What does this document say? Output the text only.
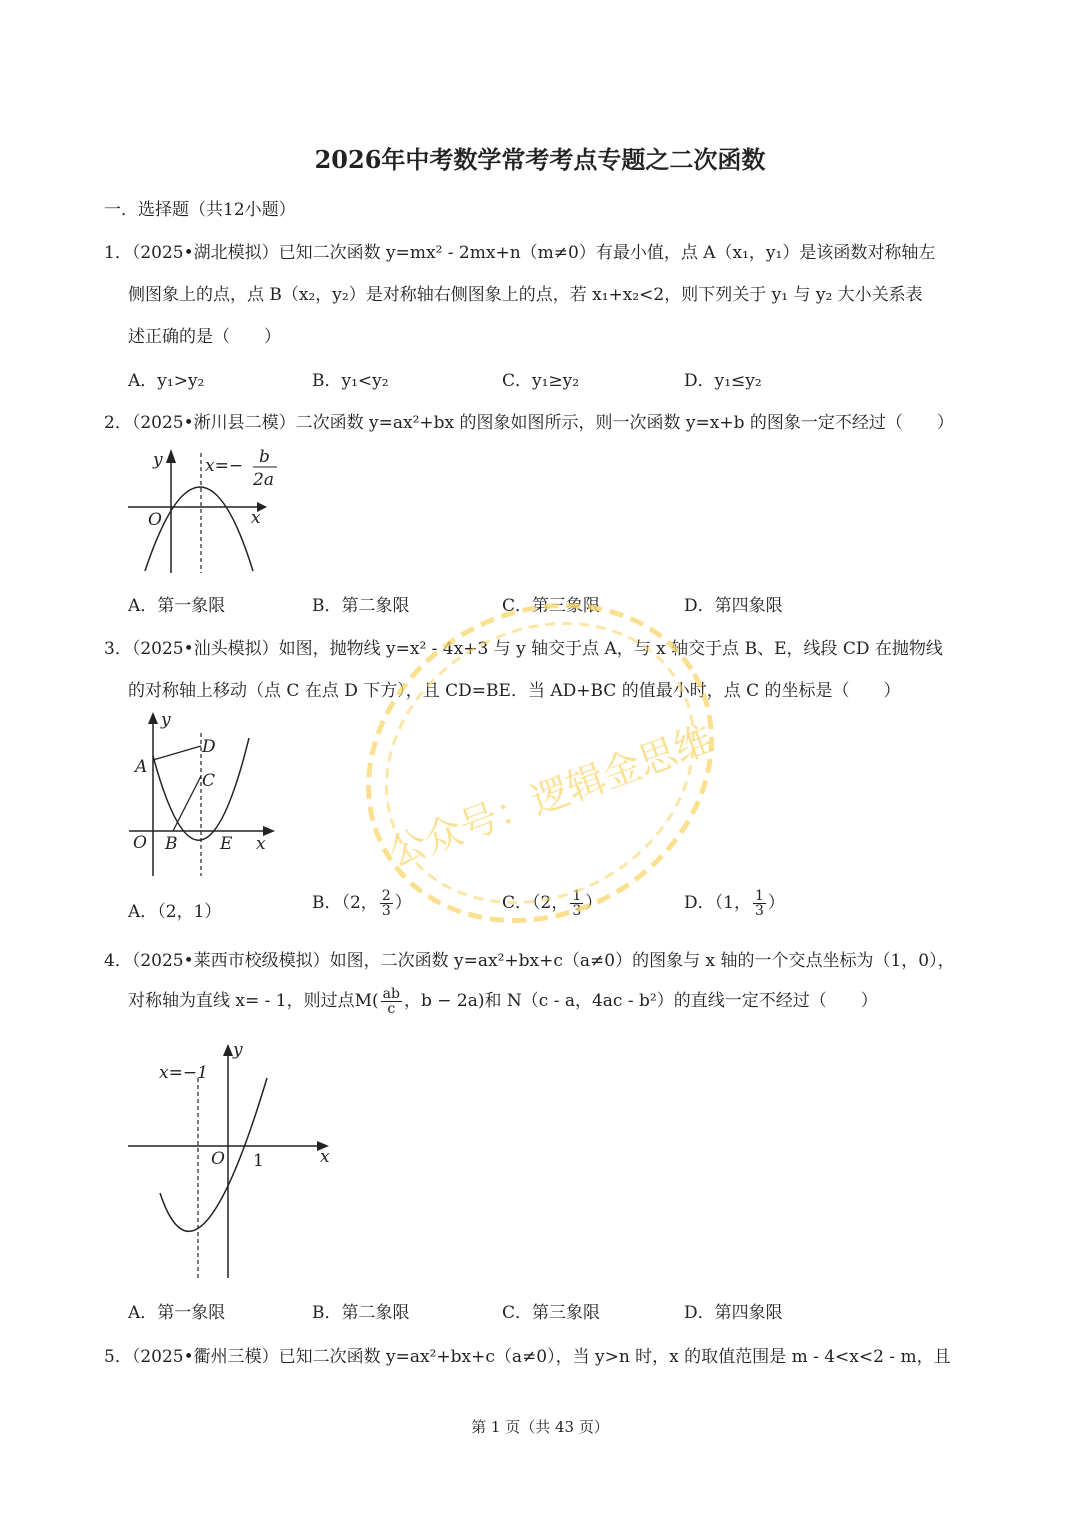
2026年中考数学常考考点专题之二次函数
一．选择题（共12小题）
1．（2025•湖北模拟）已知二次函数 y=mx² - 2mx+n（m≠0）有最小值，点 A（x₁，y₁）是该函数对称轴左
侧图象上的点，点 B（x₂，y₂）是对称轴右侧图象上的点，若 x₁+x₂<2，则下列关于 y₁ 与 y₂ 大小关系表
述正确的是（　　）
A．y₁>y₂	B．y₁<y₂	C．y₁≥y₂	D．y₁≤y₂
2．（2025•淅川县二模）二次函数 y=ax²+bx 的图象如图所示，则一次函数 y=x+b 的图象一定不经过（　　）
y
x
O
x=− b
2a
A．第一象限	B．第二象限	C．第三象限	D．第四象限
3．（2025•汕头模拟）如图，抛物线 y=x² - 4x+3 与 y 轴交于点 A，与 x 轴交于点 B、E，线段 CD 在抛物线
的对称轴上移动（点 C 在点 D 下方），且 CD=BE．当 AD+BC 的值最小时，点 C 的坐标是（　　）
y
x
O
A
B
C
D
E
A．（2，1）	B．（2， $\frac{2}{3}$ ）	C．（2， $\frac{1}{3}$ ）	D．（1， $\frac{1}{3}$ ）
4．（2025•莱西市校级模拟）如图，二次函数 y=ax²+bx+c（a≠0）的图象与 x 轴的一个交点坐标为（1，0），
对称轴为直线 x= - 1，则过点$M( \frac{ab}{c}$ ，b − 2a)和 N（c - a，4ac - b²）的直线一定不经过（　　）
y
x
O 1
x=−1
A．第一象限	B．第二象限	C．第三象限	D．第四象限
5．（2025•衢州三模）已知二次函数 y=ax²+bx+c（a≠0），当 y>n 时，x 的取值范围是 m - 4<x<2 - m，且
第 1 页（共 43 页）
公众号：逻辑金思维
